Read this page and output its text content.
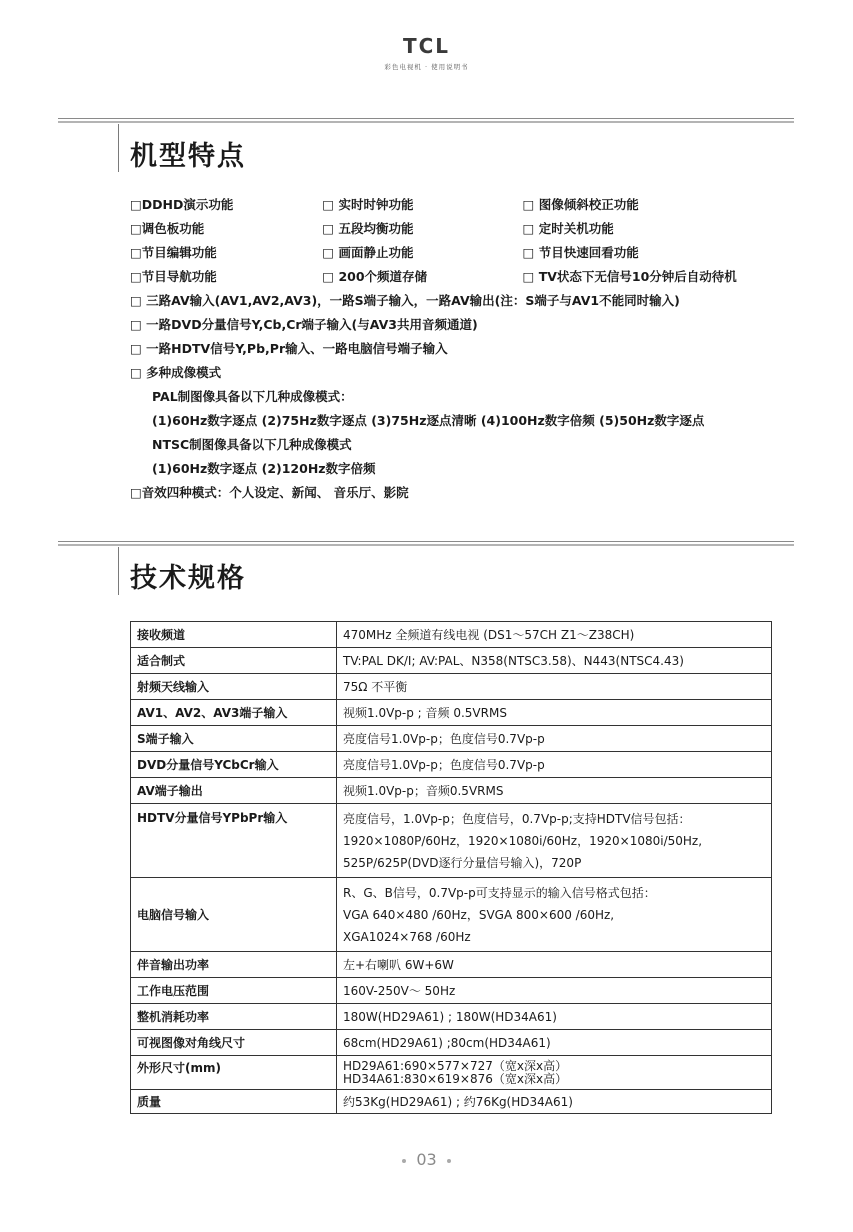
TCL
彩色电视机 · 使用说明书
机型特点
□DDHD演示功能	□ 实时时钟功能	□ 图像倾斜校正功能
□调色板功能	□ 五段均衡功能	□ 定时关机功能
□节目编辑功能	□ 画面静止功能	□ 节目快速回看功能
□节目导航功能	□ 200个频道存储	□ TV状态下无信号10分钟后自动待机
□ 三路AV输入(AV1,AV2,AV3)，一路S端子输入，一路AV输出(注：S端子与AV1不能同时输入)
□ 一路DVD分量信号Y,Cb,Cr端子输入(与AV3共用音频通道)
□ 一路HDTV信号Y,Pb,Pr输入、一路电脑信号端子输入
□ 多种成像模式
PAL制图像具备以下几种成像模式：
(1)60Hz数字逐点 (2)75Hz数字逐点 (3)75Hz逐点清晰 (4)100Hz数字倍频 (5)50Hz数字逐点
NTSC制图像具备以下几种成像模式
(1)60Hz数字逐点 (2)120Hz数字倍频
□音效四种模式：个人设定、新闻、 音乐厅、影院
技术规格
接收频道	470MHz 全频道有线电视 (DS1～57CH Z1～Z38CH)

适合制式	TV:PAL DK/I; AV:PAL、N358(NTSC3.58)、N443(NTSC4.43)

射频天线输入	75Ω 不平衡

AV1、AV2、AV3端子输入	视频1.0Vp-p ; 音频 0.5VRMS

S端子输入	亮度信号1.0Vp-p；色度信号0.7Vp-p

DVD分量信号YCbCr输入	亮度信号1.0Vp-p；色度信号0.7Vp-p

AV端子输出	视频1.0Vp-p；音频0.5VRMS

HDTV分量信号YPbPr输入	亮度信号，1.0Vp-p；色度信号，0.7Vp-p;支持HDTV信号包括：
1920×1080P/60Hz，1920×1080i/60Hz，1920×1080i/50Hz,
525P/625P(DVD逐行分量信号输入)，720P

电脑信号输入	R、G、B信号，0.7Vp-p可支持显示的输入信号格式包括：
VGA 640×480 /60Hz，SVGA 800×600 /60Hz,
XGA1024×768 /60Hz

伴音输出功率	左+右喇叭 6W+6W

工作电压范围	160V-250V～ 50Hz

整机消耗功率	180W(HD29A61) ; 180W(HD34A61)

可视图像对角线尺寸	68cm(HD29A61) ;80cm(HD34A61)

外形尺寸(mm)	HD29A61:690×577×727（宽x深x高）
HD34A61:830×619×876（宽x深x高）

质量	约53Kg(HD29A61) ; 约76Kg(HD34A61)
03
